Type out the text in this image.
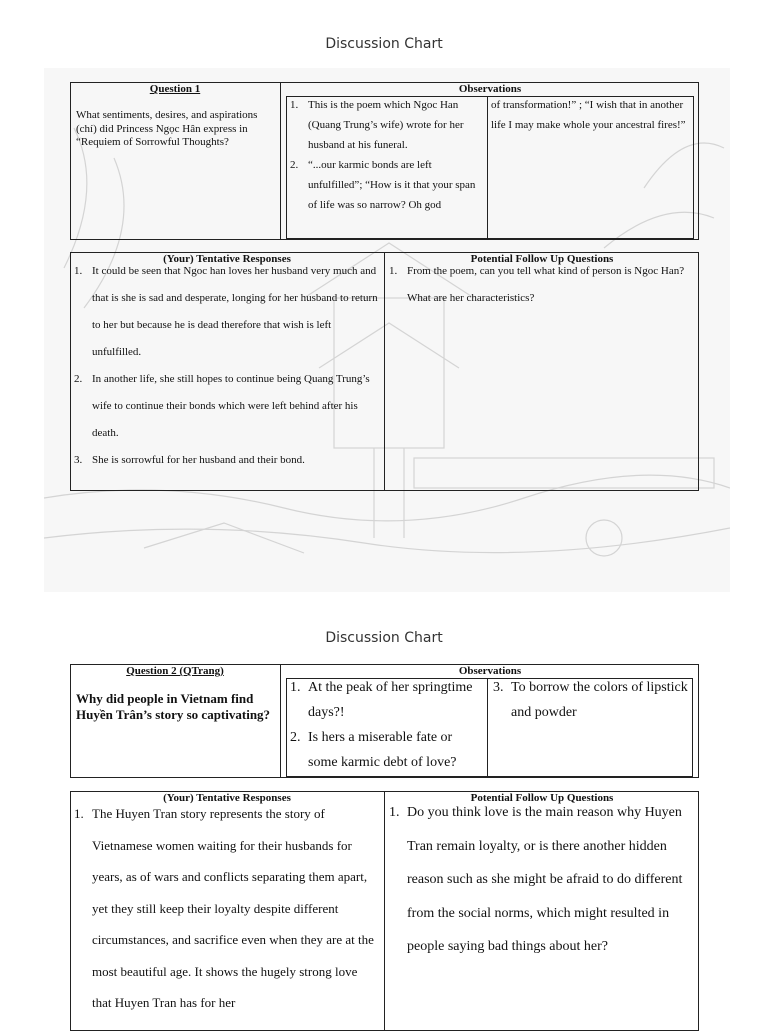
Discussion Chart
Question 1
What sentiments, desires, and aspirations (chí) did Princess Ngọc Hân express in “Requiem of Sorrowful Thoughts?
Observations
1. This is the poem which Ngoc Han (Quang Trung’s wife) wrote for her husband at his funeral.
2. “...our karmic bonds are left unfulfilled”; “How is it that your span of life was so narrow? Oh god
of transformation!” ; “I wish that in another life I may make whole your ancestral fires!”
(Your) Tentative Responses
1. It could be seen that Ngoc han loves her husband very much and that is she is sad and desperate, longing for her husband to return to her but because he is dead therefore that wish is left unfulfilled.
2. In another life, she still hopes to continue being Quang Trung’s wife to continue their bonds which were left behind after his death.
3. She is sorrowful for her husband and their bond.
Potential Follow Up Questions
1. From the poem, can you tell what kind of person is Ngoc Han? What are her characteristics?
Discussion Chart
Question 2 (QTrang)
Why did people in Vietnam find Huyền Trân’s story so captivating?
Observations
1. At the peak of her springtime days?!
2. Is hers a miserable fate or some karmic debt of love?
3. To borrow the colors of lipstick and powder
(Your) Tentative Responses
1. The Huyen Tran story represents the story of Vietnamese women waiting for their husbands for years, as of wars and conflicts separating them apart, yet they still keep their loyalty despite different circumstances, and sacrifice even when they are at the most beautiful age. It shows the hugely strong love that Huyen Tran has for her
Potential Follow Up Questions
1. Do you think love is the main reason why Huyen Tran remain loyalty, or is there another hidden reason such as she might be afraid to do different from the social norms, which might resulted in people saying bad things about her?
